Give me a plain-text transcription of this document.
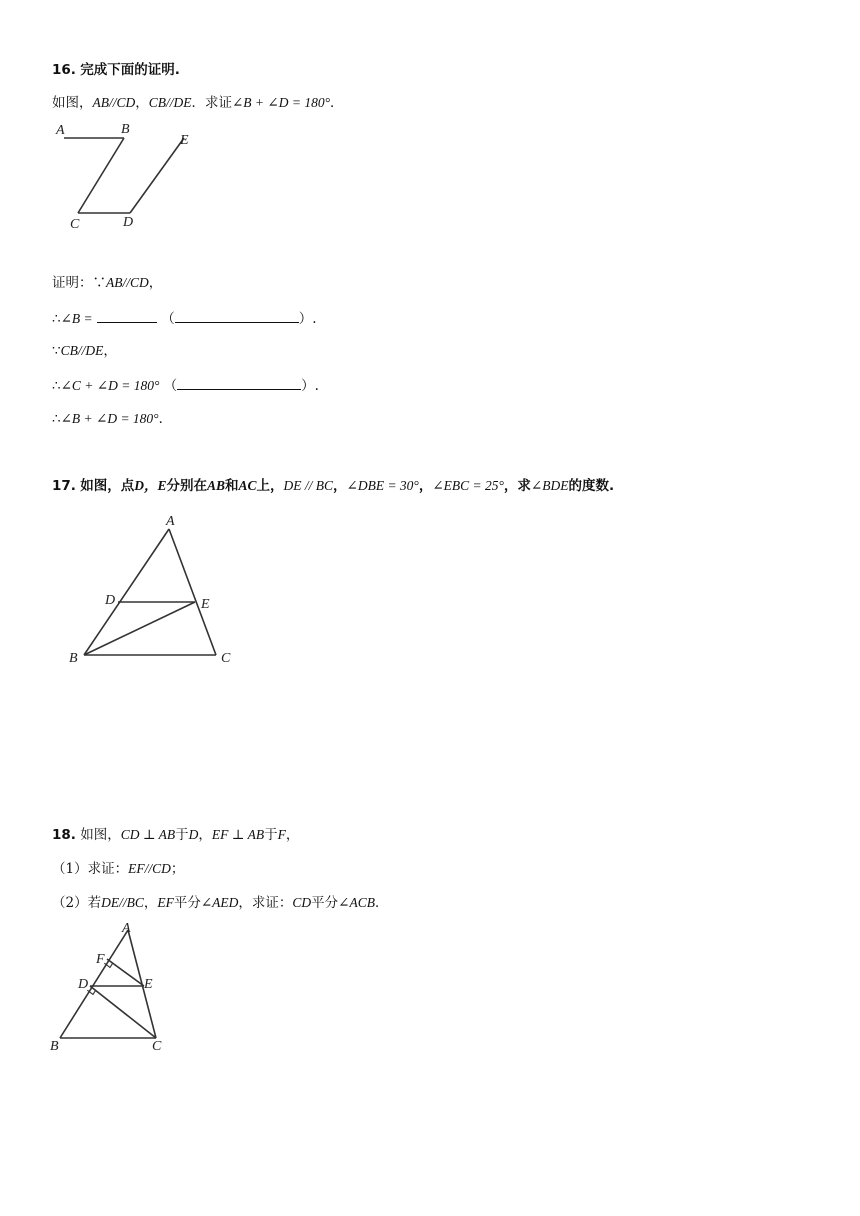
16. 完成下面的证明.
如图，AB//CD，CB//DE．求证∠B + ∠D = 180°．
A	B
E
C	D
证明：∵AB//CD，
∴∠B =	（	）.
∵CB//DE，
∴∠C + ∠D = 180° （	）.
∴∠B + ∠D = 180°．
17. 如图，点D，E分别在AB和AC上，DE // BC，∠DBE = 30°，∠EBC = 25°，求∠BDE的度数.
A
D	E
B	C
18. 如图，CD ⊥ AB于D，EF ⊥ AB于F，
（1）求证：EF//CD；
（2）若DE//BC，EF平分∠AED，求证：CD平分∠ACB．
A
F
D	E
B	C
